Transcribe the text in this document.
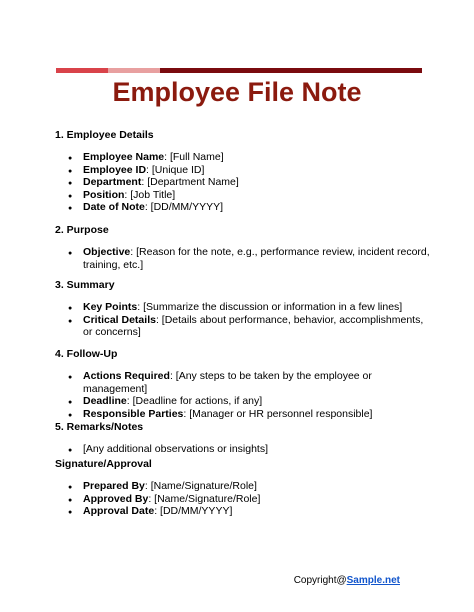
Employee File Note

1. Employee Details

● Employee Name: [Full Name]
● Employee ID: [Unique ID]
● Department: [Department Name]
● Position: [Job Title]
● Date of Note: [DD/MM/YYYY]

2. Purpose

● Objective: [Reason for the note, e.g., performance review, incident record, training, etc.]

3. Summary

● Key Points: [Summarize the discussion or information in a few lines]
● Critical Details: [Details about performance, behavior, accomplishments, or concerns]

4. Follow-Up

● Actions Required: [Any steps to be taken by the employee or management]
● Deadline: [Deadline for actions, if any]
● Responsible Parties: [Manager or HR personnel responsible]

5. Remarks/Notes

● [Any additional observations or insights]

Signature/Approval

● Prepared By: [Name/Signature/Role]
● Approved By: [Name/Signature/Role]
● Approval Date: [DD/MM/YYYY]
Copyright@Sample.net
